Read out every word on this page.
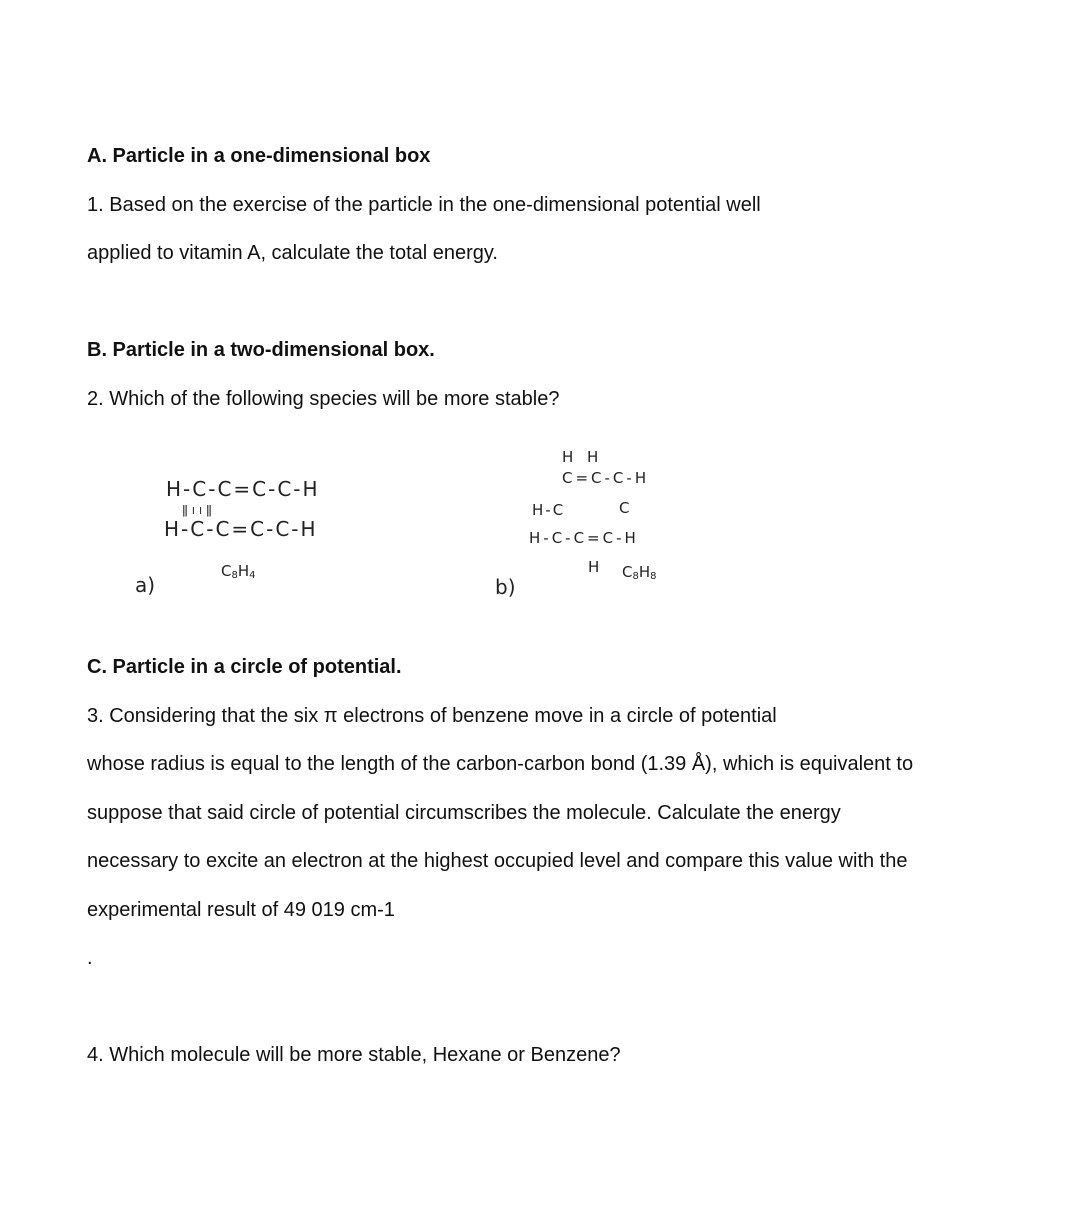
A. Particle in a one-dimensional box
1. Based on the exercise of the particle in the one-dimensional potential well
applied to vitamin A, calculate the total energy.
B. Particle in a two-dimensional box.
2. Which of the following species will be more stable?
H-C-C=C-C-H
ǁ ı ı ǁ
H-C-C=C-C-H
$C_8H_4$
a)
H H
C=C-C-H
H-C	C
H-C-C=C-H
H $C_8H_8$
b)
C. Particle in a circle of potential.
3. Considering that the six π electrons of benzene move in a circle of potential
whose radius is equal to the length of the carbon-carbon bond (1.39 Å), which is equivalent to
suppose that said circle of potential circumscribes the molecule. Calculate the energy
necessary to excite an electron at the highest occupied level and compare this value with the
experimental result of 49 019 cm-1
.
4. Which molecule will be more stable, Hexane or Benzene?
